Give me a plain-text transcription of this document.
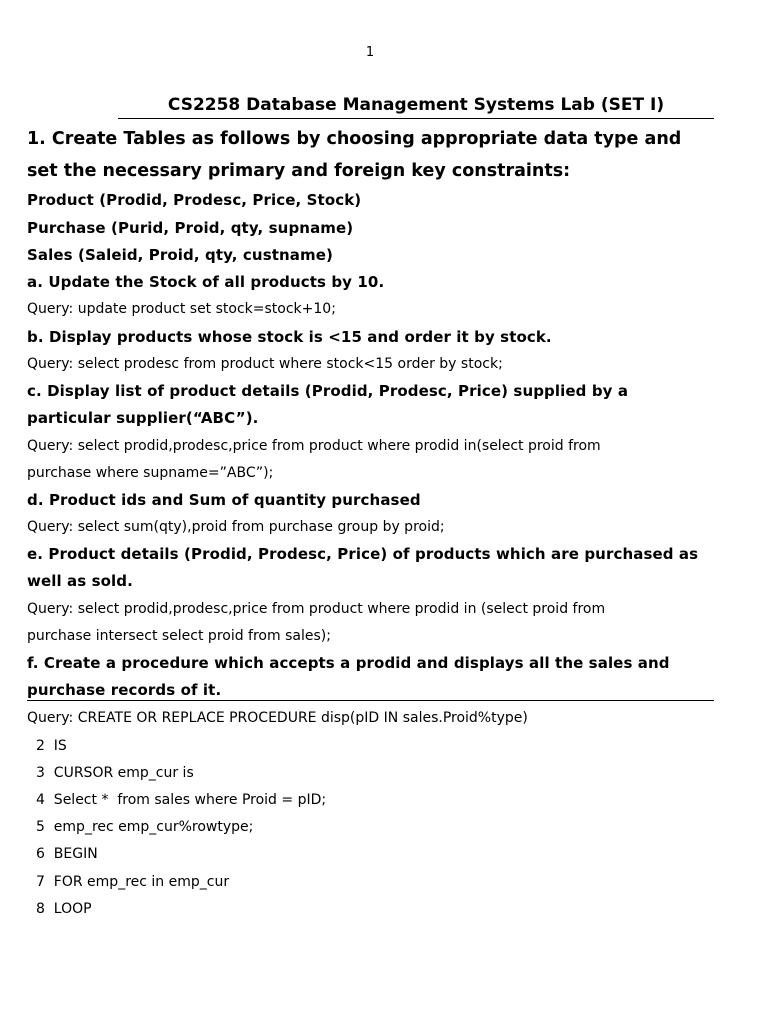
1
CS2258 Database Management Systems Lab (SET I)
1. Create Tables as follows by choosing appropriate data type and
set the necessary primary and foreign key constraints:
Product (Prodid, Prodesc, Price, Stock)
Purchase (Purid, Proid, qty, supname)
Sales (Saleid, Proid, qty, custname)
a. Update the Stock of all products by 10.
Query: update product set stock=stock+10;
b. Display products whose stock is <15 and order it by stock.
Query: select prodesc from product where stock<15 order by stock;
c. Display list of product details (Prodid, Prodesc, Price) supplied by a
particular supplier(“ABC”).
Query: select prodid,prodesc,price from product where prodid in(select proid from
purchase where supname=”ABC”);
d. Product ids and Sum of quantity purchased
Query: select sum(qty),proid from purchase group by proid;
e. Product details (Prodid, Prodesc, Price) of products which are purchased as
well as sold.
Query: select prodid,prodesc,price from product where prodid in (select proid from
purchase intersect select proid from sales);
f. Create a procedure which accepts a prodid and displays all the sales and
purchase records of it.
Query: CREATE OR REPLACE PROCEDURE disp(pID IN sales.Proid%type)
2  IS
3  CURSOR emp_cur is
4  Select *  from sales where Proid = pID;
5  emp_rec emp_cur%rowtype;
6  BEGIN
7  FOR emp_rec in emp_cur
8  LOOP
